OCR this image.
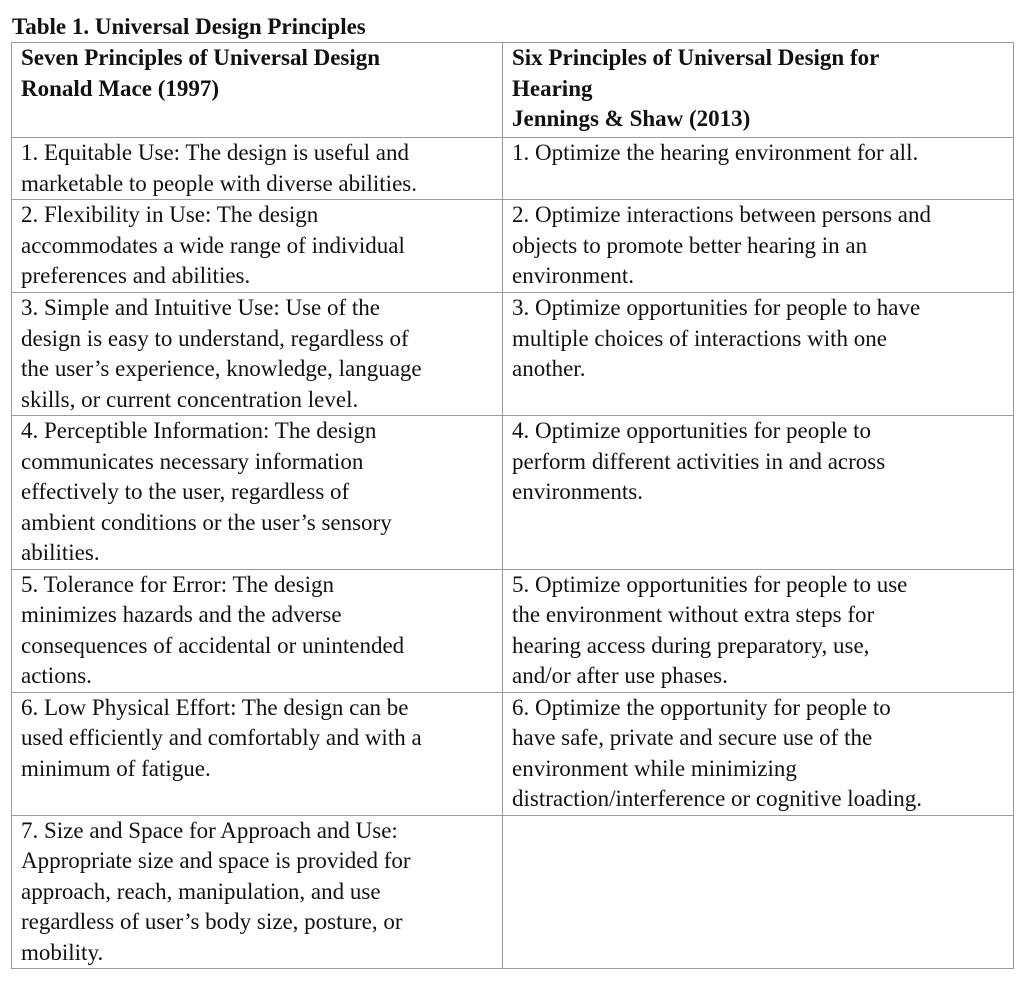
Table 1. Universal Design Principles
Seven Principles of Universal Design
Ronald Mace (1997)	Six Principles of Universal Design for
Hearing
Jennings & Shaw (2013)

1. Equitable Use: The design is useful and
marketable to people with diverse abilities.	1. Optimize the hearing environment for all.

2. Flexibility in Use: The design
accommodates a wide range of individual
preferences and abilities.	2. Optimize interactions between persons and
objects to promote better hearing in an
environment.

3. Simple and Intuitive Use: Use of the
design is easy to understand, regardless of
the user’s experience, knowledge, language
skills, or current concentration level.	3. Optimize opportunities for people to have
multiple choices of interactions with one
another.

4. Perceptible Information: The design
communicates necessary information
effectively to the user, regardless of
ambient conditions or the user’s sensory
abilities.	4. Optimize opportunities for people to
perform different activities in and across
environments.

5. Tolerance for Error: The design
minimizes hazards and the adverse
consequences of accidental or unintended
actions.	5. Optimize opportunities for people to use
the environment without extra steps for
hearing access during preparatory, use,
and/or after use phases.

6. Low Physical Effort: The design can be
used efficiently and comfortably and with a
minimum of fatigue.	6. Optimize the opportunity for people to
have safe, private and secure use of the
environment while minimizing
distraction/interference or cognitive loading.

7. Size and Space for Approach and Use:
Appropriate size and space is provided for
approach, reach, manipulation, and use
regardless of user’s body size, posture, or
mobility.	
